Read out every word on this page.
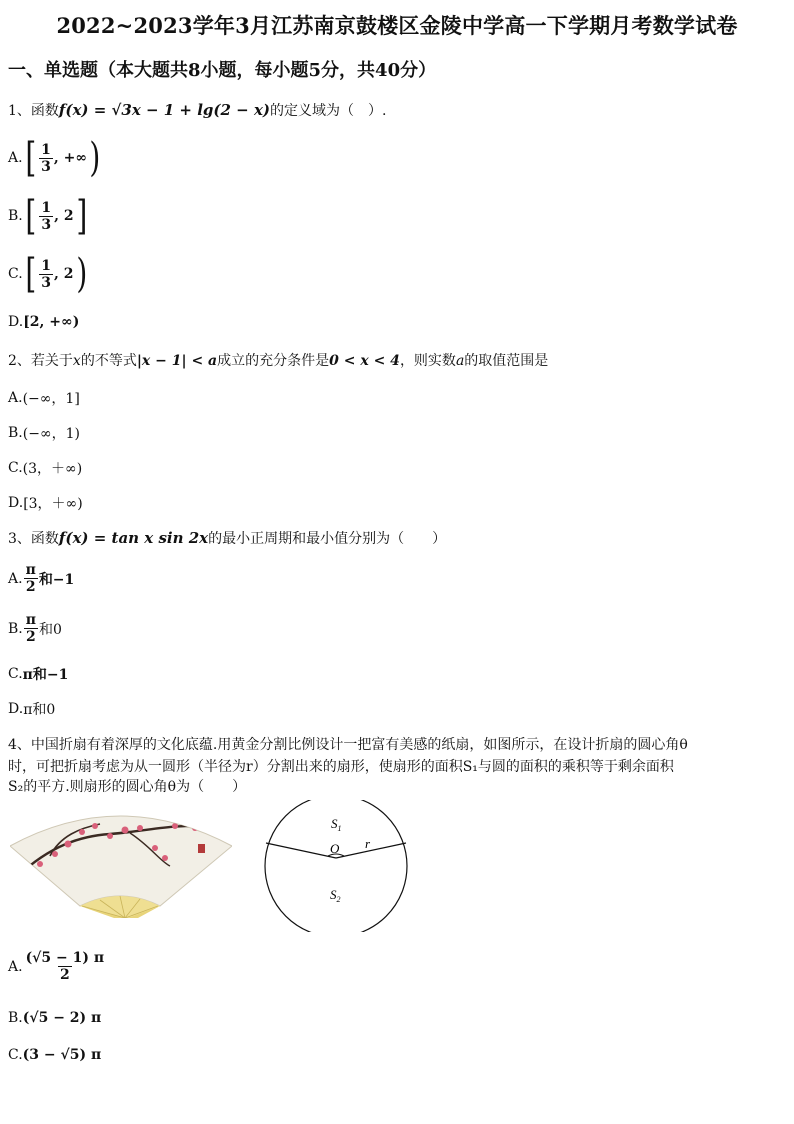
2022~2023学年3月江苏南京鼓楼区金陵中学高一下学期月考数学试卷
一、单选题（本大题共8小题，每小题5分，共40分）
1、函数f(x) = √3x − 1 + lg(2 − x)的定义域为（　）.
A. [ $\frac{1}{3}$ , +∞ )
B. [ $\frac{1}{3}$ , 2 ]
C. [ $\frac{1}{3}$ , 2 )
D. [2, +∞)
2、若关于x的不等式|x − 1| < a成立的充分条件是0 < x < 4，则实数a的取值范围是
A. (−∞，1]
B. (−∞，1)
C. (3，＋∞)
D. [3，＋∞)
3、函数f(x) = tan x sin 2x的最小正周期和最小值分别为（　　）
A. $\frac{\pi}{2}$ 和−1
B. $\frac{\pi}{2}$ 和0
C. π和−1
D. π和0
4、中国折扇有着深厚的文化底蕴.用黄金分割比例设计一把富有美感的纸扇，如图所示，在设计折扇的圆心角θ
时，可把折扇考虑为从一圆形（半径为r）分割出来的扇形，使扇形的面积S₁与圆的面积的乘积等于剩余面积
S₂的平方.则扇形的圆心角θ为（　　）
$S_1$
O r
$S_2$
A. $\frac{(√5 - 1) \pi}{2}$
B. (√5 − 2) π
C. (3 − √5) π
